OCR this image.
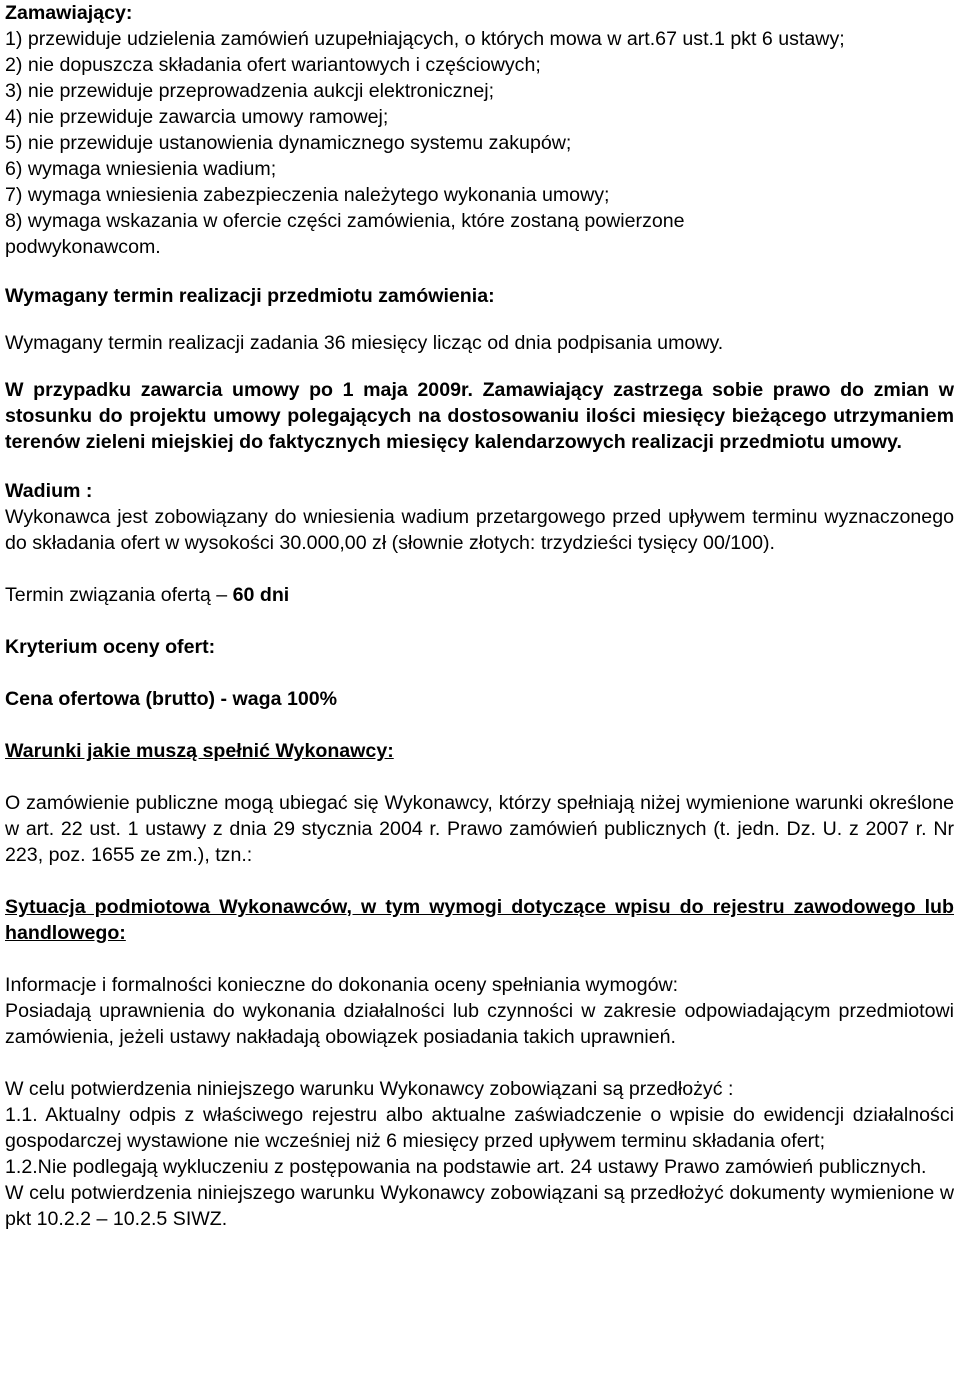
Zamawiający:

1) przewiduje udzielenia zamówień uzupełniających, o których mowa w art.67 ust.1 pkt 6 ustawy;

2) nie dopuszcza składania ofert wariantowych i częściowych;

3) nie przewiduje przeprowadzenia aukcji elektronicznej;

4) nie przewiduje zawarcia umowy ramowej;

5) nie przewiduje ustanowienia dynamicznego systemu zakupów;

6) wymaga wniesienia wadium;

7) wymaga wniesienia zabezpieczenia należytego wykonania umowy;

8) wymaga wskazania w ofercie części zamówienia, które zostaną powierzone podwykonawcom.

Wymagany termin realizacji przedmiotu zamówienia:

Wymagany termin realizacji zadania 36 miesięcy licząc od dnia podpisania umowy.

W przypadku zawarcia umowy po 1 maja 2009r. Zamawiający zastrzega sobie prawo do zmian w stosunku do projektu umowy polegających na dostosowaniu ilości miesięcy bieżącego utrzymaniem terenów zieleni miejskiej do faktycznych miesięcy kalendarzowych realizacji przedmiotu umowy.

Wadium :

Wykonawca jest zobowiązany do wniesienia wadium przetargowego przed upływem terminu wyznaczonego do składania ofert w wysokości 30.000,00 zł (słownie złotych: trzydzieści tysięcy 00/100).

Termin związania ofertą – 60 dni

Kryterium oceny ofert:

Cena ofertowa (brutto) - waga 100%

Warunki jakie muszą spełnić Wykonawcy:

O zamówienie publiczne mogą ubiegać się Wykonawcy, którzy spełniają niżej wymienione warunki określone w art. 22 ust. 1 ustawy z dnia 29 stycznia 2004 r. Prawo zamówień publicznych (t. jedn. Dz. U. z 2007 r. Nr 223, poz. 1655 ze zm.), tzn.:

Sytuacja podmiotowa Wykonawców, w tym wymogi dotyczące wpisu do rejestru zawodowego lub handlowego:

Informacje i formalności konieczne do dokonania oceny spełniania wymogów:

Posiadają uprawnienia do wykonania działalności lub czynności w zakresie odpowiadającym przedmiotowi zamówienia, jeżeli ustawy nakładają obowiązek posiadania takich uprawnień.

W celu potwierdzenia niniejszego warunku Wykonawcy zobowiązani są przedłożyć :

1.1. Aktualny odpis z właściwego rejestru albo aktualne zaświadczenie o wpisie do ewidencji działalności gospodarczej wystawione nie wcześniej niż 6 miesięcy przed upływem terminu składania ofert;

1.2.Nie podlegają wykluczeniu z postępowania na podstawie art. 24 ustawy Prawo zamówień publicznych.

W celu potwierdzenia niniejszego warunku Wykonawcy zobowiązani są przedłożyć dokumenty wymienione w pkt 10.2.2 – 10.2.5 SIWZ.
